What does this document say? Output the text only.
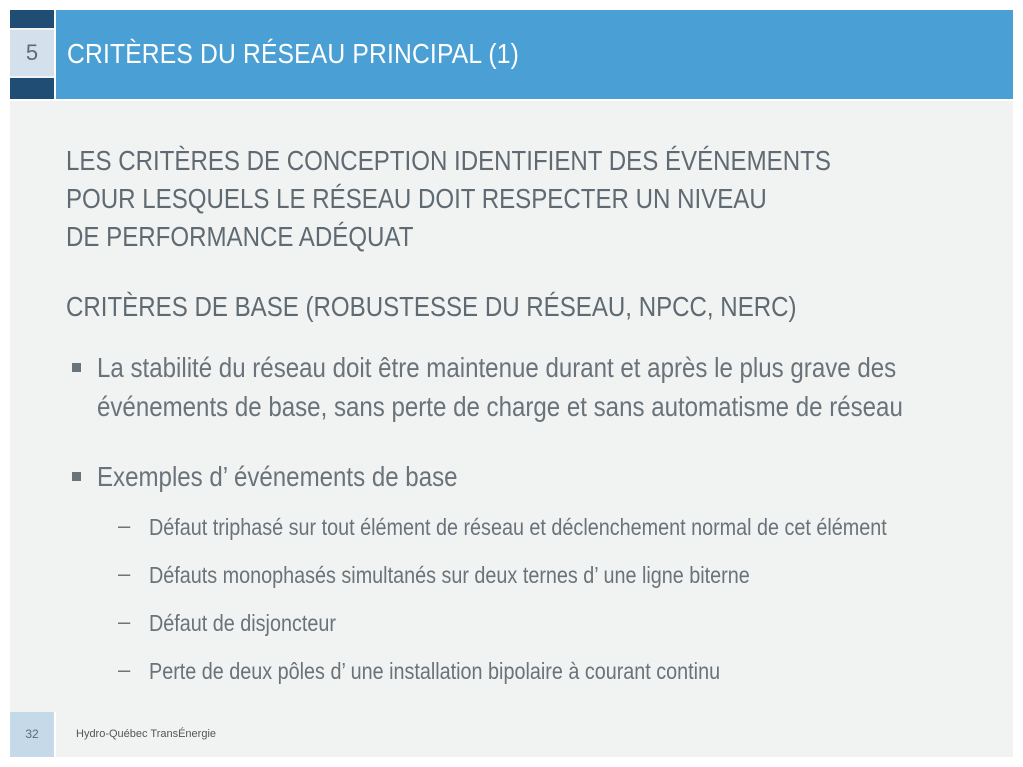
5	CRITÈRES DU RÉSEAU PRINCIPAL (1)
LES CRITÈRES DE CONCEPTION IDENTIFIENT DES ÉVÉNEMENTS
POUR LESQUELS LE RÉSEAU DOIT RESPECTER UN NIVEAU
DE PERFORMANCE ADÉQUAT
CRITÈRES DE BASE (ROBUSTESSE DU RÉSEAU, NPCC, NERC)
La stabilité du réseau doit être maintenue durant et après le plus grave des
événements de base, sans perte de charge et sans automatisme de réseau
Exemples d’ événements de base
– Défaut triphasé sur tout élément de réseau et déclenchement normal de cet élément
– Défauts monophasés simultanés sur deux ternes d’ une ligne biterne
– Défaut de disjoncteur
– Perte de deux pôles d’ une installation bipolaire à courant continu
32	Hydro-Québec TransÉnergie
